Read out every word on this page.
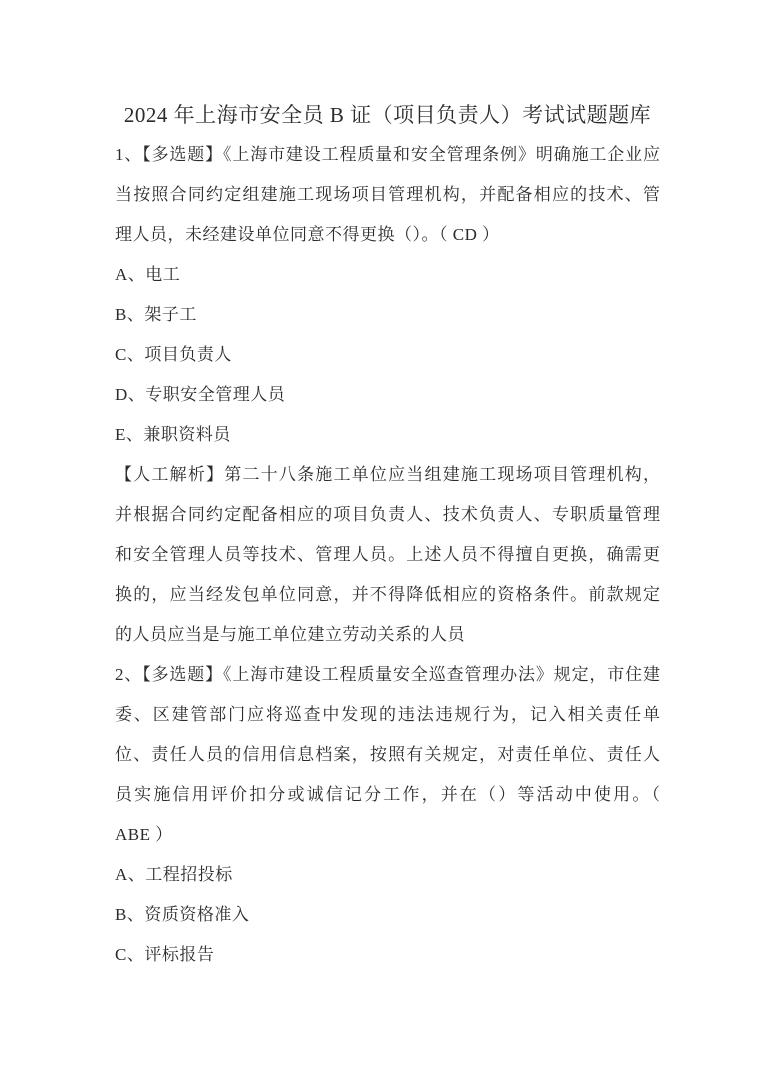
2024 年上海市安全员 B 证（项目负责人）考试试题题库
1、【多选题】《上海市建设工程质量和安全管理条例》明确施工企业应
当按照合同约定组建施工现场项目管理机构，并配备相应的技术、管
理人员，未经建设单位同意不得更换（）。（ CD ）
A、电工
B、架子工
C、项目负责人
D、专职安全管理人员
E、兼职资料员
【人工解析】第二十八条施工单位应当组建施工现场项目管理机构，
并根据合同约定配备相应的项目负责人、技术负责人、专职质量管理
和安全管理人员等技术、管理人员。上述人员不得擅自更换，确需更
换的，应当经发包单位同意，并不得降低相应的资格条件。前款规定
的人员应当是与施工单位建立劳动关系的人员
2、【多选题】《上海市建设工程质量安全巡查管理办法》规定，市住建
委、区建管部门应将巡查中发现的违法违规行为，记入相关责任单
位、责任人员的信用信息档案，按照有关规定，对责任单位、责任人
员实施信用评价扣分或诚信记分工作，并在（）等活动中使用。（
ABE ）
A、工程招投标
B、资质资格准入
C、评标报告
